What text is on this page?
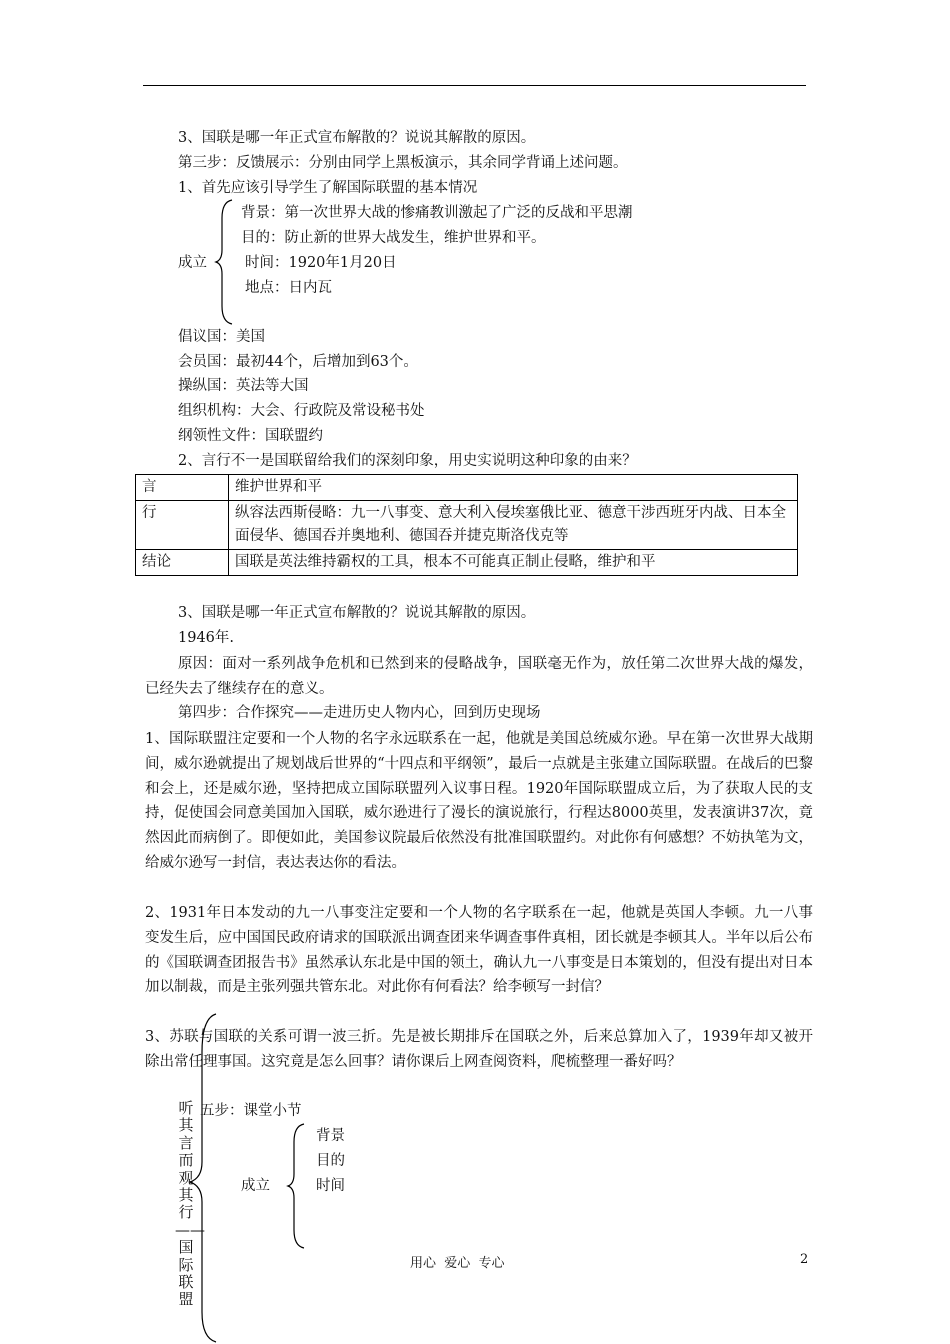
3、国联是哪一年正式宣布解散的？说说其解散的原因。
第三步：反馈展示：分别由同学上黑板演示，其余同学背诵上述问题。
1、首先应该引导学生了解国际联盟的基本情况
成立
背景：第一次世界大战的惨痛教训激起了广泛的反战和平思潮
目的：防止新的世界大战发生，维护世界和平。
时间：1920年1月20日
地点：日内瓦
倡议国：美国
会员国：最初44个，后增加到63个。
操纵国：英法等大国
组织机构：大会、行政院及常设秘书处
纲领性文件：国联盟约
2、言行不一是国联留给我们的深刻印象，用史实说明这种印象的由来？
言	维护世界和平
行	纵容法西斯侵略：九一八事变、意大利入侵埃塞俄比亚、德意干涉西班牙内战、日本全面侵华、德国吞并奥地利、德国吞并捷克斯洛伐克等
结论	国联是英法维持霸权的工具，根本不可能真正制止侵略，维护和平
3、国联是哪一年正式宣布解散的？说说其解散的原因。
1946年.
原因：面对一系列战争危机和已然到来的侵略战争，国联毫无作为，放任第二次世界大战的爆发，已经失去了继续存在的意义。
第四步：合作探究——走进历史人物内心，回到历史现场
1、国际联盟注定要和一个人物的名字永远联系在一起，他就是美国总统威尔逊。早在第一次世界大战期间，威尔逊就提出了规划战后世界的“十四点和平纲领”，最后一点就是主张建立国际联盟。在战后的巴黎和会上，还是威尔逊，坚持把成立国际联盟列入议事日程。1920年国际联盟成立后，为了获取人民的支持，促使国会同意美国加入国联，威尔逊进行了漫长的演说旅行，行程达8000英里，发表演讲37次，竟然因此而病倒了。即便如此，美国参议院最后依然没有批准国联盟约。对此你有何感想？不妨执笔为文，给威尔逊写一封信，表达表达你的看法。
2、1931年日本发动的九一八事变注定要和一个人物的名字联系在一起，他就是英国人李顿。九一八事变发生后，应中国国民政府请求的国联派出调查团来华调查事件真相，团长就是李顿其人。半年以后公布的《国联调查团报告书》虽然承认东北是中国的领土，确认九一八事变是日本策划的，但没有提出对日本加以制裁，而是主张列强共管东北。对此你有何看法？给李顿写一封信？
3、苏联与国联的关系可谓一波三折。先是被长期排斥在国联之外，后来总算加入了，1939年却又被开除出常任理事国。这究竟是怎么回事？请你课后上网查阅资料，爬梳整理一番好吗？
五步：课堂小节
听其言而观其行——国际联盟
成立
背景
目的
时间
用心  爱心  专心	2
